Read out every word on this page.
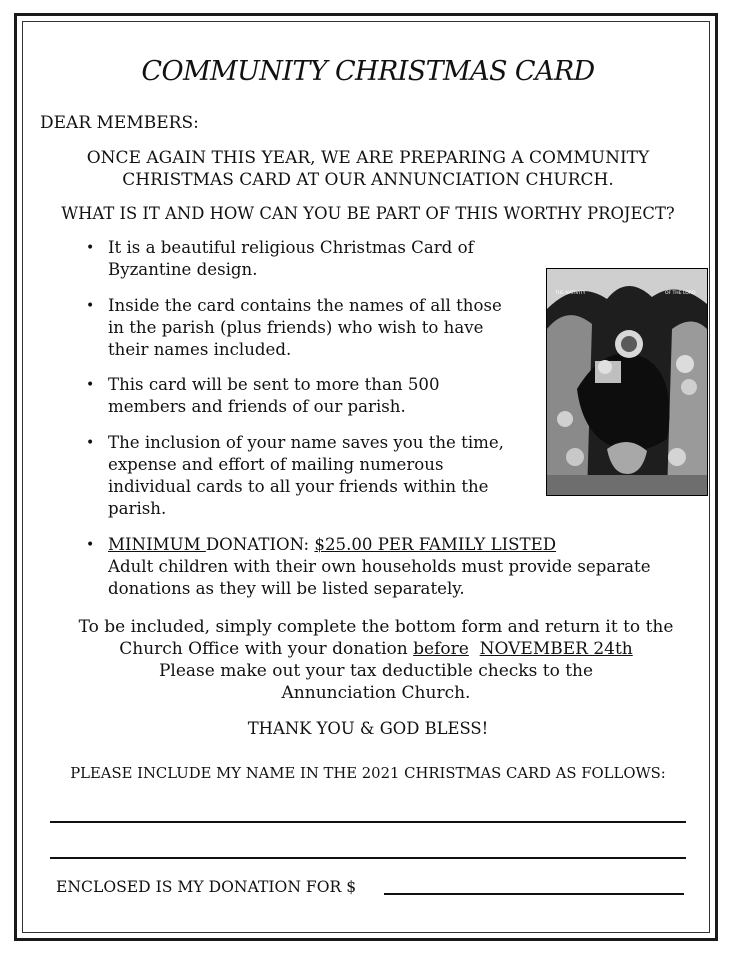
COMMUNITY CHRISTMAS CARD
DEAR MEMBERS:
ONCE AGAIN THIS YEAR, WE ARE PREPARING A COMMUNITY
CHRISTMAS CARD AT OUR ANNUNCIATION CHURCH.
WHAT IS IT AND HOW CAN YOU BE PART OF THIS WORTHY PROJECT?
• It is a beautiful religious Christmas Card of
Byzantine design.
• Inside the card contains the names of all those
in the parish (plus friends) who wish to have
their names included.
• This card will be sent to more than 500
members and friends of our parish.
• The inclusion of your name saves you the time,
expense and effort of mailing numerous
individual cards to all your friends within the
parish.
• MINIMUM DONATION: $25.00 PER FAMILY LISTED
Adult children with their own households must provide separate
donations as they will be listed separately.
THE NATIVITY	OF THE LORD
To be included, simply complete the bottom form and return it to the
Church Office with your donation before NOVEMBER 24th
Please make out your tax deductible checks to the
Annunciation Church.
THANK YOU & GOD BLESS!
PLEASE INCLUDE MY NAME IN THE 2021 CHRISTMAS CARD AS FOLLOWS:
ENCLOSED IS MY DONATION FOR $
